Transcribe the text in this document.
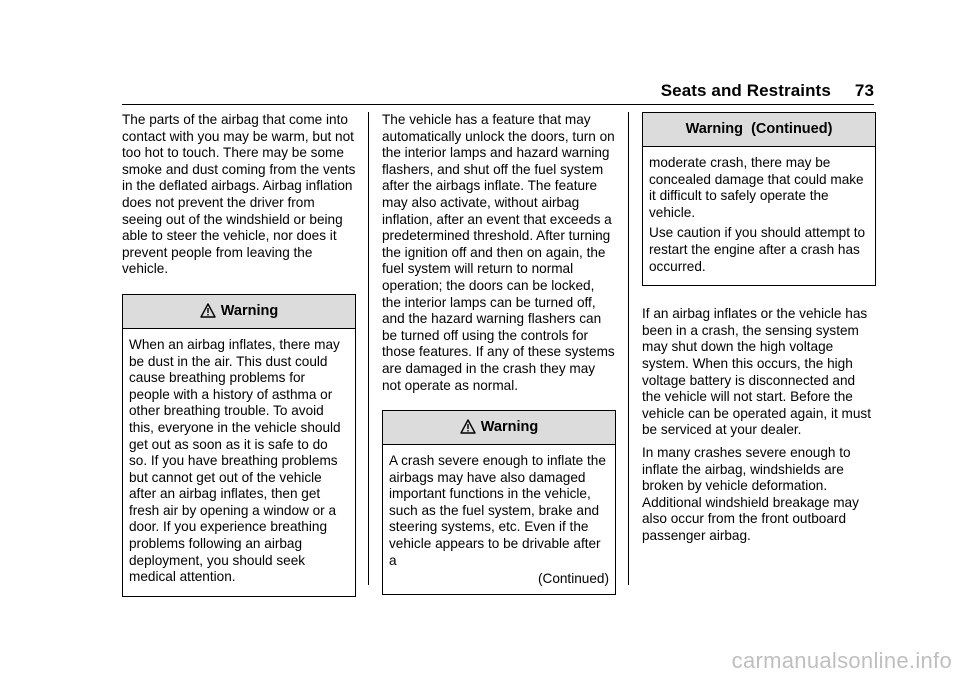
Seats and Restraints 73

The parts of the airbag that come into contact with you may be warm, but not too hot to touch. There may be some smoke and dust coming from the vents in the deflated airbags. Airbag inflation does not prevent the driver from seeing out of the windshield or being able to steer the vehicle, nor does it prevent people from leaving the vehicle.

Warning

When an airbag inflates, there may be dust in the air. This dust could cause breathing problems for people with a history of asthma or other breathing trouble. To avoid this, everyone in the vehicle should get out as soon as it is safe to do so. If you have breathing problems but cannot get out of the vehicle after an airbag inflates, then get fresh air by opening a window or a door. If you experience breathing problems following an airbag deployment, you should seek medical attention.

The vehicle has a feature that may automatically unlock the doors, turn on the interior lamps and hazard warning flashers, and shut off the fuel system after the airbags inflate. The feature may also activate, without airbag inflation, after an event that exceeds a predetermined threshold. After turning the ignition off and then on again, the fuel system will return to normal operation; the doors can be locked, the interior lamps can be turned off, and the hazard warning flashers can be turned off using the controls for those features. If any of these systems are damaged in the crash they may not operate as normal.

Warning

A crash severe enough to inflate the airbags may have also damaged important functions in the vehicle, such as the fuel system, brake and steering systems, etc. Even if the vehicle appears to be drivable after a

(Continued)
Warning  (Continued)

moderate crash, there may be concealed damage that could make it difficult to safely operate the vehicle.

Use caution if you should attempt to restart the engine after a crash has occurred.

If an airbag inflates or the vehicle has been in a crash, the sensing system may shut down the high voltage system. When this occurs, the high voltage battery is disconnected and the vehicle will not start. Before the vehicle can be operated again, it must be serviced at your dealer.

In many crashes severe enough to inflate the airbag, windshields are broken by vehicle deformation. Additional windshield breakage may also occur from the front outboard passenger airbag.

carmanualsonline.info
